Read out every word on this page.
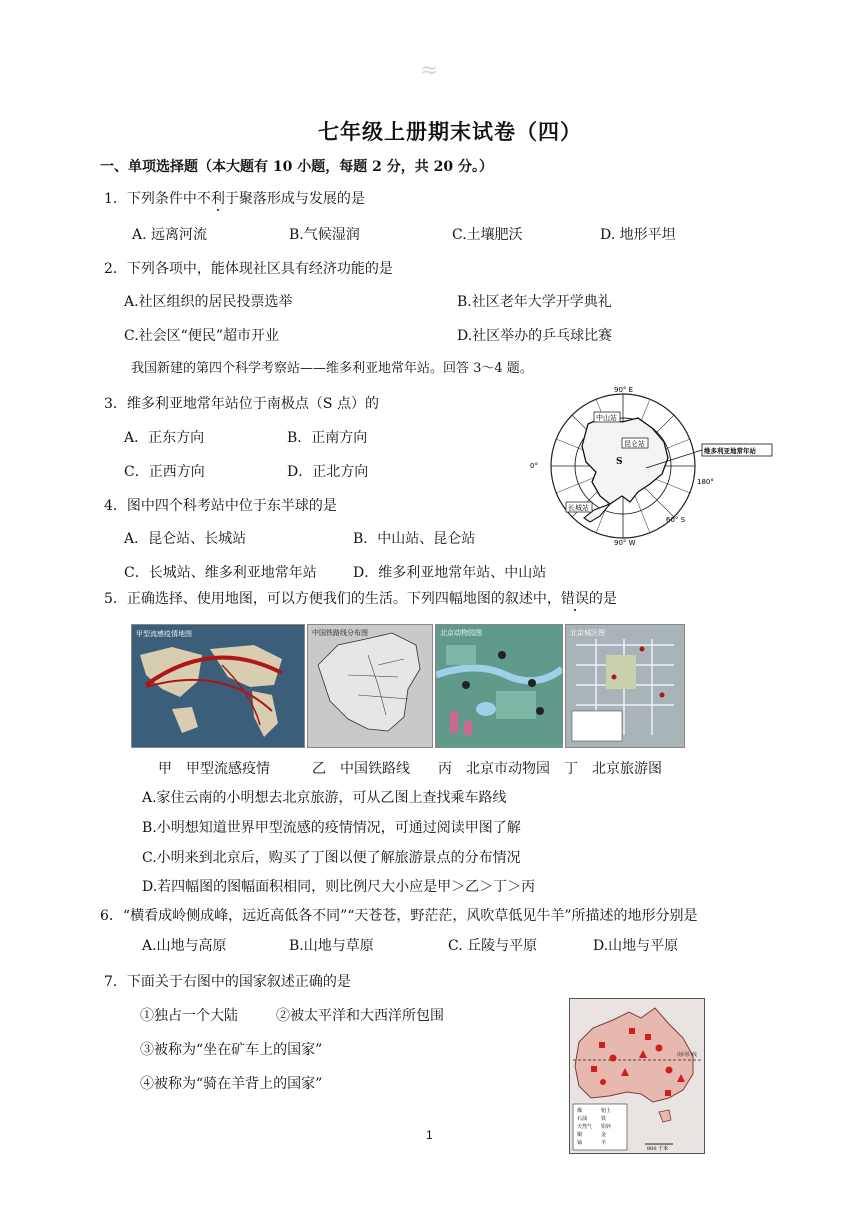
≈
七年级上册期末试卷（四）
一、单项选择题（本大题有 10 小题，每题 2 分，共 20 分。）
1．下列条件中不利于聚落形成与发展的是
A. 远离河流	B.气候湿润	C.土壤肥沃	D. 地形平坦
2．下列各项中，能体现社区具有经济功能的是
A.社区组织的居民投票选举	B.社区老年大学开学典礼
C.社会区“便民”超市开业	D.社区举办的乒乓球比赛
我国新建的第四个科学考察站——维多利亚地常年站。回答 3～4 题。
3．维多利亚地常年站位于南极点（S 点）的
A．正东方向	B．正南方向
C．正西方向	D．正北方向
4．图中四个科考站中位于东半球的是
A．昆仑站、长城站	B．中山站、昆仑站
C．长城站、维多利亚地常年站	D．维多利亚地常年站、中山站
90° E
90° W
0°
180°
60° S
中山站
昆仑站
长城站
S
维多利亚地常年站
5．正确选择、使用地图，可以方便我们的生活。下列四幅地图的叙述中，错误的是
甲型流感疫情地图	中国铁路线分布图	北京动物园图	北京城区图
甲　甲型流感疫情　　　乙　中国铁路线　　丙　北京市动物园　丁　北京旅游图
A.家住云南的小明想去北京旅游，可从乙图上查找乘车路线
B.小明想知道世界甲型流感的疫情情况，可通过阅读甲图了解
C.小明来到北京后，购买了丁图以便了解旅游景点的分布情况
D.若四幅图的图幅面积相同，则比例尺大小应是甲＞乙＞丁＞丙
6．“横看成岭侧成峰，远近高低各不同”“天苍苍，野茫茫，风吹草低见牛羊”所描述的地形分别是
A.山地与高原	B.山地与草原	C. 丘陵与平原	D.山地与平原
7．下面关于右图中的国家叙述正确的是
①独占一个大陆	②被太平洋和大西洋所包围
③被称为“坐在矿车上的国家”
④被称为“骑在羊背上的国家”
南回归线
煤	铝土
石油	铁
天然气 铅锌
铜	金
铀	羊
800 千米
1
